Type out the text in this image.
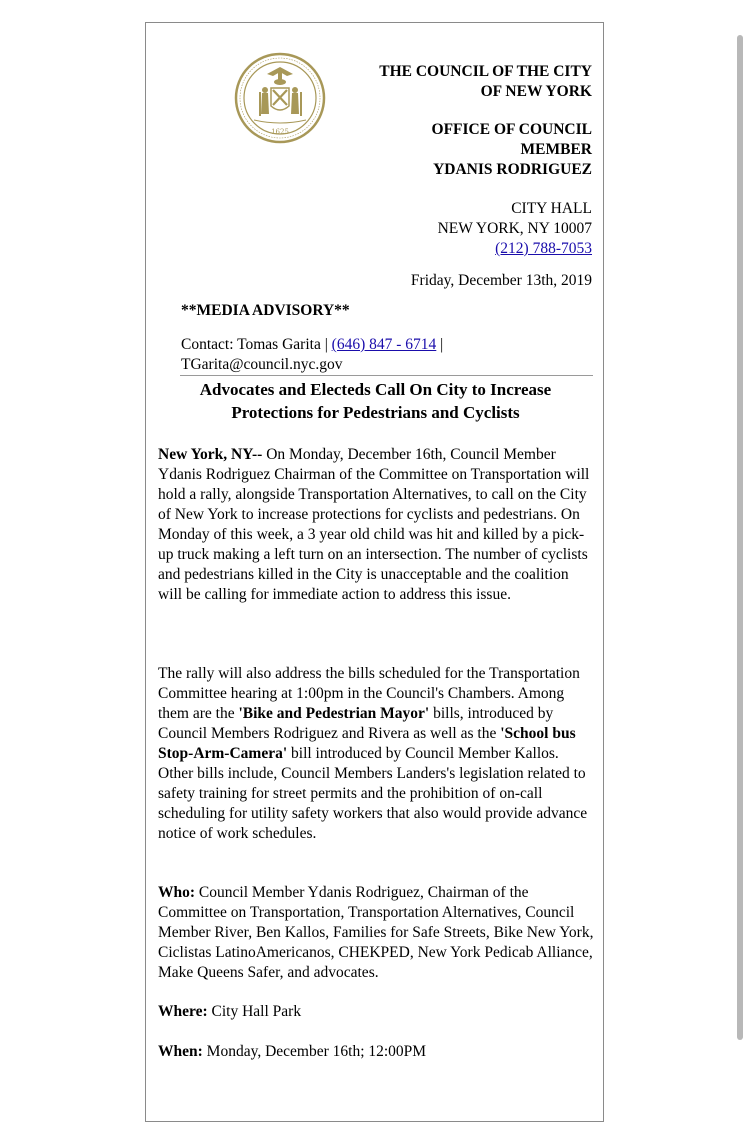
1625
THE COUNCIL OF THE CITY
OF NEW YORK
OFFICE OF COUNCIL
MEMBER
YDANIS RODRIGUEZ
CITY HALL
NEW YORK, NY 10007
(212) 788-7053
Friday, December 13th, 2019
**MEDIA ADVISORY**
Contact: Tomas Garita | (646) 847 - 6714 |
TGarita@council.nyc.gov
Advocates and Electeds Call On City to Increase
Protections for Pedestrians and Cyclists
New York, NY-- On Monday, December 16th, Council Member Ydanis Rodriguez Chairman of the Committee on Transportation will hold a rally, alongside Transportation Alternatives, to call on the City of New York to increase protections for cyclists and pedestrians. On Monday of this week, a 3 year old child was hit and killed by a pick-up truck making a left turn on an intersection. The number of cyclists and pedestrians killed in the City is unacceptable and the coalition will be calling for immediate action to address this issue.
The rally will also address the bills scheduled for the Transportation Committee hearing at 1:00pm in the Council's Chambers. Among them are the 'Bike and Pedestrian Mayor' bills, introduced by Council Members Rodriguez and Rivera as well as the 'School bus Stop-Arm-Camera' bill introduced by Council Member Kallos. Other bills include, Council Members Landers's legislation related to safety training for street permits and the prohibition of on-call scheduling for utility safety workers that also would provide advance notice of work schedules.
Who: Council Member Ydanis Rodriguez, Chairman of the Committee on Transportation, Transportation Alternatives, Council Member River, Ben Kallos, Families for Safe Streets, Bike New York, Ciclistas LatinoAmericanos, CHEKPED, New York Pedicab Alliance, Make Queens Safer, and advocates.
Where: City Hall Park
When: Monday, December 16th; 12:00PM
